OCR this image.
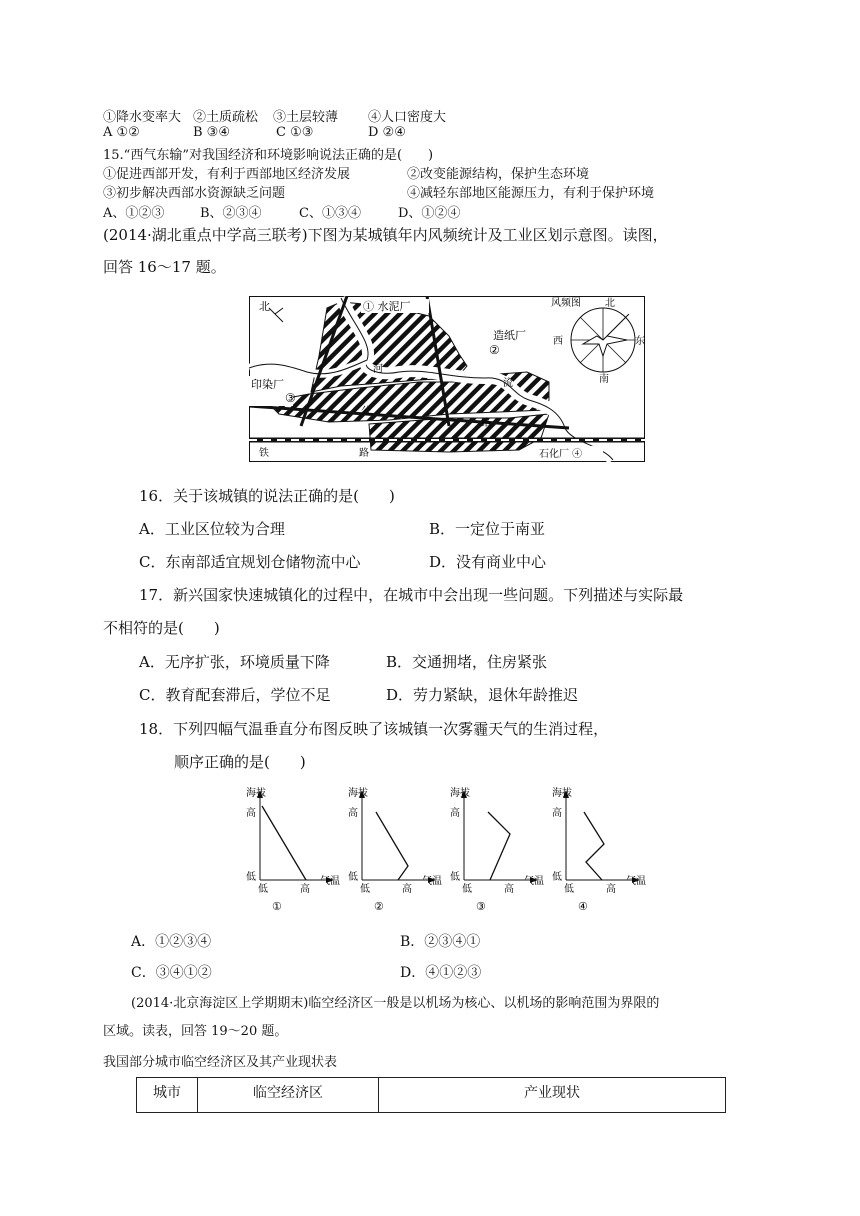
①降水变率大 ②土质疏松 ③土层较薄 ④人口密度大
A ①②	B ③④	C ①③	D ②④
15.“西气东输”对我国经济和环境影响说法正确的是(　　)
①促进西部开发，有利于西部地区经济发展	②改变能源结构，保护生态环境
③初步解决西部水资源缺乏问题	④减轻东部地区能源压力，有利于保护环境
A、①②③	B、②③④	C、①③④	D、①②④
(2014·湖北重点中学高三联考)下图为某城镇年内风频统计及工业区划示意图。读图，
回答 16～17 题。
北	① 水泥厂
造纸厂
②
印染厂
③
风频图 北
西	东
南
河
流
公
路
铁	路	石化厂 ④
16．关于该城镇的说法正确的是(　　)
A．工业区位较为合理	B．一定位于南亚
C．东南部适宜规划仓储物流中心	D．没有商业中心
17．新兴国家快速城镇化的过程中，在城市中会出现一些问题。下列描述与实际最
不相符的是(　　)
A．无序扩张，环境质量下降	B．交通拥堵，住房紧张
C．教育配套滞后，学位不足	D．劳力紧缺，退休年龄推迟
18．下列四幅气温垂直分布图反映了该城镇一次雾霾天气的生消过程，
顺序正确的是(　　)
海拔
高
低
低	高
气温
①
海拔
高
低
低	高
气温
②
海拔
高
低
低	高
气温
③
海拔
高
低
低	高
气温
④
A．①②③④	B．②③④①
C．③④①②	D．④①②③
(2014·北京海淀区上学期期末)临空经济区一般是以机场为核心、以机场的影响范围为界限的
区域。读表，回答 19～20 题。
我国部分城市临空经济区及其产业现状表
城市	临空经济区	产业现状
